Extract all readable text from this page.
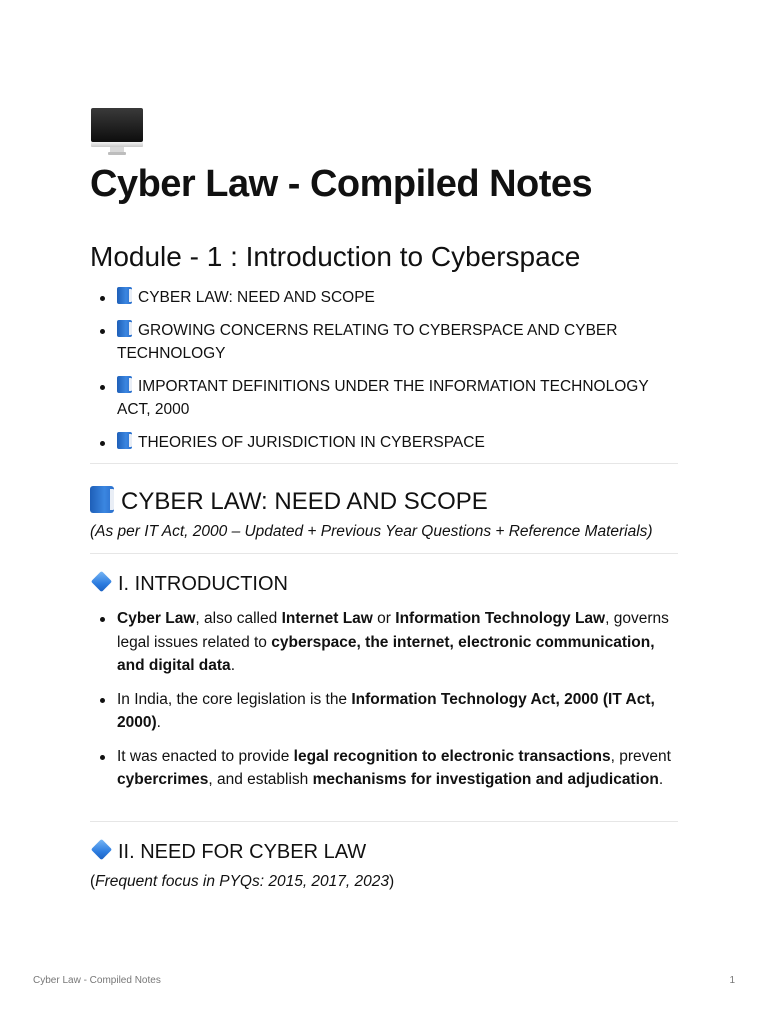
Cyber Law - Compiled Notes
Module - 1 : Introduction to Cyberspace
CYBER LAW: NEED AND SCOPE
GROWING CONCERNS RELATING TO CYBERSPACE AND CYBER TECHNOLOGY
IMPORTANT DEFINITIONS UNDER THE INFORMATION TECHNOLOGY ACT, 2000
THEORIES OF JURISDICTION IN CYBERSPACE
CYBER LAW: NEED AND SCOPE

(As per IT Act, 2000 – Updated + Previous Year Questions + Reference Materials)

I. INTRODUCTION
Cyber Law, also called Internet Law or Information Technology Law, governs legal issues related to cyberspace, the internet, electronic communication, and digital data.
In India, the core legislation is the Information Technology Act, 2000 (IT Act, 2000).
It was enacted to provide legal recognition to electronic transactions, prevent cybercrimes, and establish mechanisms for investigation and adjudication.
II. NEED FOR CYBER LAW

(Frequent focus in PYQs: 2015, 2017, 2023)

Cyber Law - Compiled Notes	1
